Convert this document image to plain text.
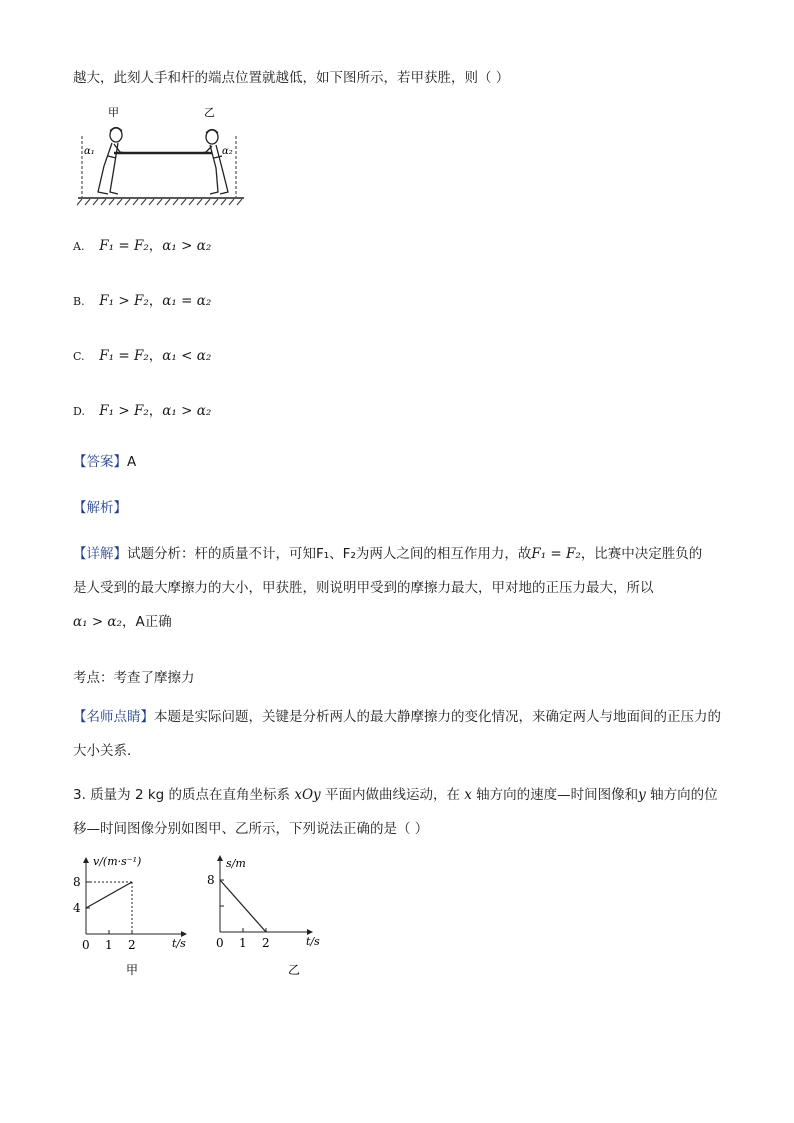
越大，此刻人手和杆的端点位置就越低，如下图所示，若甲获胜，则（ ）
甲	乙
α₁	α₂
A. F₁ = F₂，α₁ > α₂
B. F₁ > F₂，α₁ = α₂
C. F₁ = F₂，α₁ < α₂
D. F₁ > F₂，α₁ > α₂
【答案】A
【解析】
【详解】试题分析：杆的质量不计，可知F₁、F₂为两人之间的相互作用力，故F₁ = F₂，比赛中决定胜负的
是人受到的最大摩擦力的大小，甲获胜，则说明甲受到的摩擦力最大，甲对地的正压力最大，所以
α₁ > α₂，A正确
考点：考查了摩擦力
【名师点睛】本题是实际问题，关键是分析两人的最大静摩擦力的变化情况，来确定两人与地面间的正压力的大小关系．
3. 质量为 2 kg 的质点在直角坐标系 xOy 平面内做曲线运动，在 x 轴方向的速度—时间图像和y 轴方向的位
移—时间图像分别如图甲、乙所示，下列说法正确的是（ ）
0 1 2
4
8
v/(m·s⁻¹)
t/s
甲
0 1 2
8
s/m
t/s
乙
